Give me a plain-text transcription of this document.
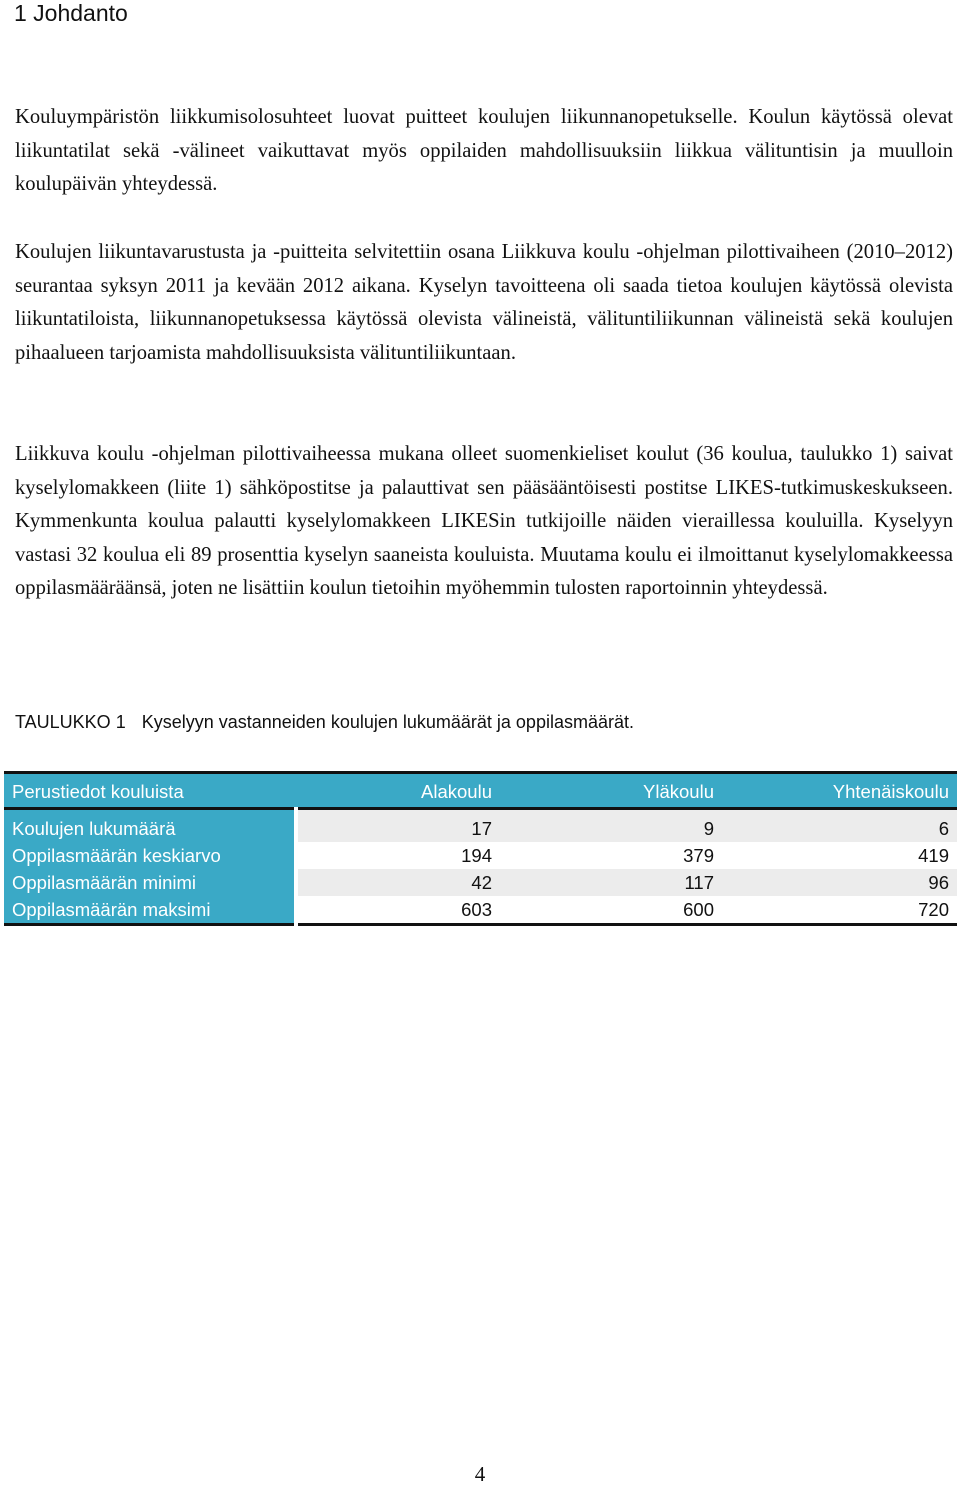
1 Johdanto

Kouluympäristön liikkumisolosuhteet luovat puitteet koulujen liikunnanopetukselle. Koulun käytössä olevat liikuntatilat sekä -välineet vaikuttavat myös oppilaiden mahdollisuuksiin liikkua välituntisin ja muulloin koulupäivän yhteydessä.

Koulujen liikuntavarustusta ja -puitteita selvitettiin osana Liikkuva koulu -ohjelman pilottivaiheen (2010–2012) seurantaa syksyn 2011 ja kevään 2012 aikana. Kyselyn tavoitteena oli saada tietoa koulujen käytössä olevista liikuntatiloista, liikunnanopetuksessa käytössä olevista välineistä, välituntiliikunnan välineistä sekä koulujen pihaalueen tarjoamista mahdollisuuksista välituntiliikuntaan.

Liikkuva koulu -ohjelman pilottivaiheessa mukana olleet suomenkieliset koulut (36 koulua, taulukko 1) saivat kyselylomakkeen (liite 1) sähköpostitse ja palauttivat sen pääsääntöisesti postitse LIKES-tutkimuskeskukseen. Kymmenkunta koulua palautti kyselylomakkeen LIKESin tutkijoille näiden vieraillessa kouluilla. Kyselyyn vastasi 32 koulua eli 89 prosenttia kyselyn saaneista kouluista. Muutama koulu ei ilmoittanut kyselylomakkeessa oppilasmääräänsä, joten ne lisättiin koulun tietoihin myöhemmin tulosten raportoinnin yhteydessä.

TAULUKKO 1 Kyselyyn vastanneiden koulujen lukumäärät ja oppilasmäärät.
Perustiedot kouluista	Alakoulu	Yläkoulu	Yhtenäiskoulu
Koulujen lukumäärä	17	9	6
Oppilasmäärän keskiarvo	194	379	419
Oppilasmäärän minimi	42	117	96
Oppilasmäärän maksimi	603	600	720
4
